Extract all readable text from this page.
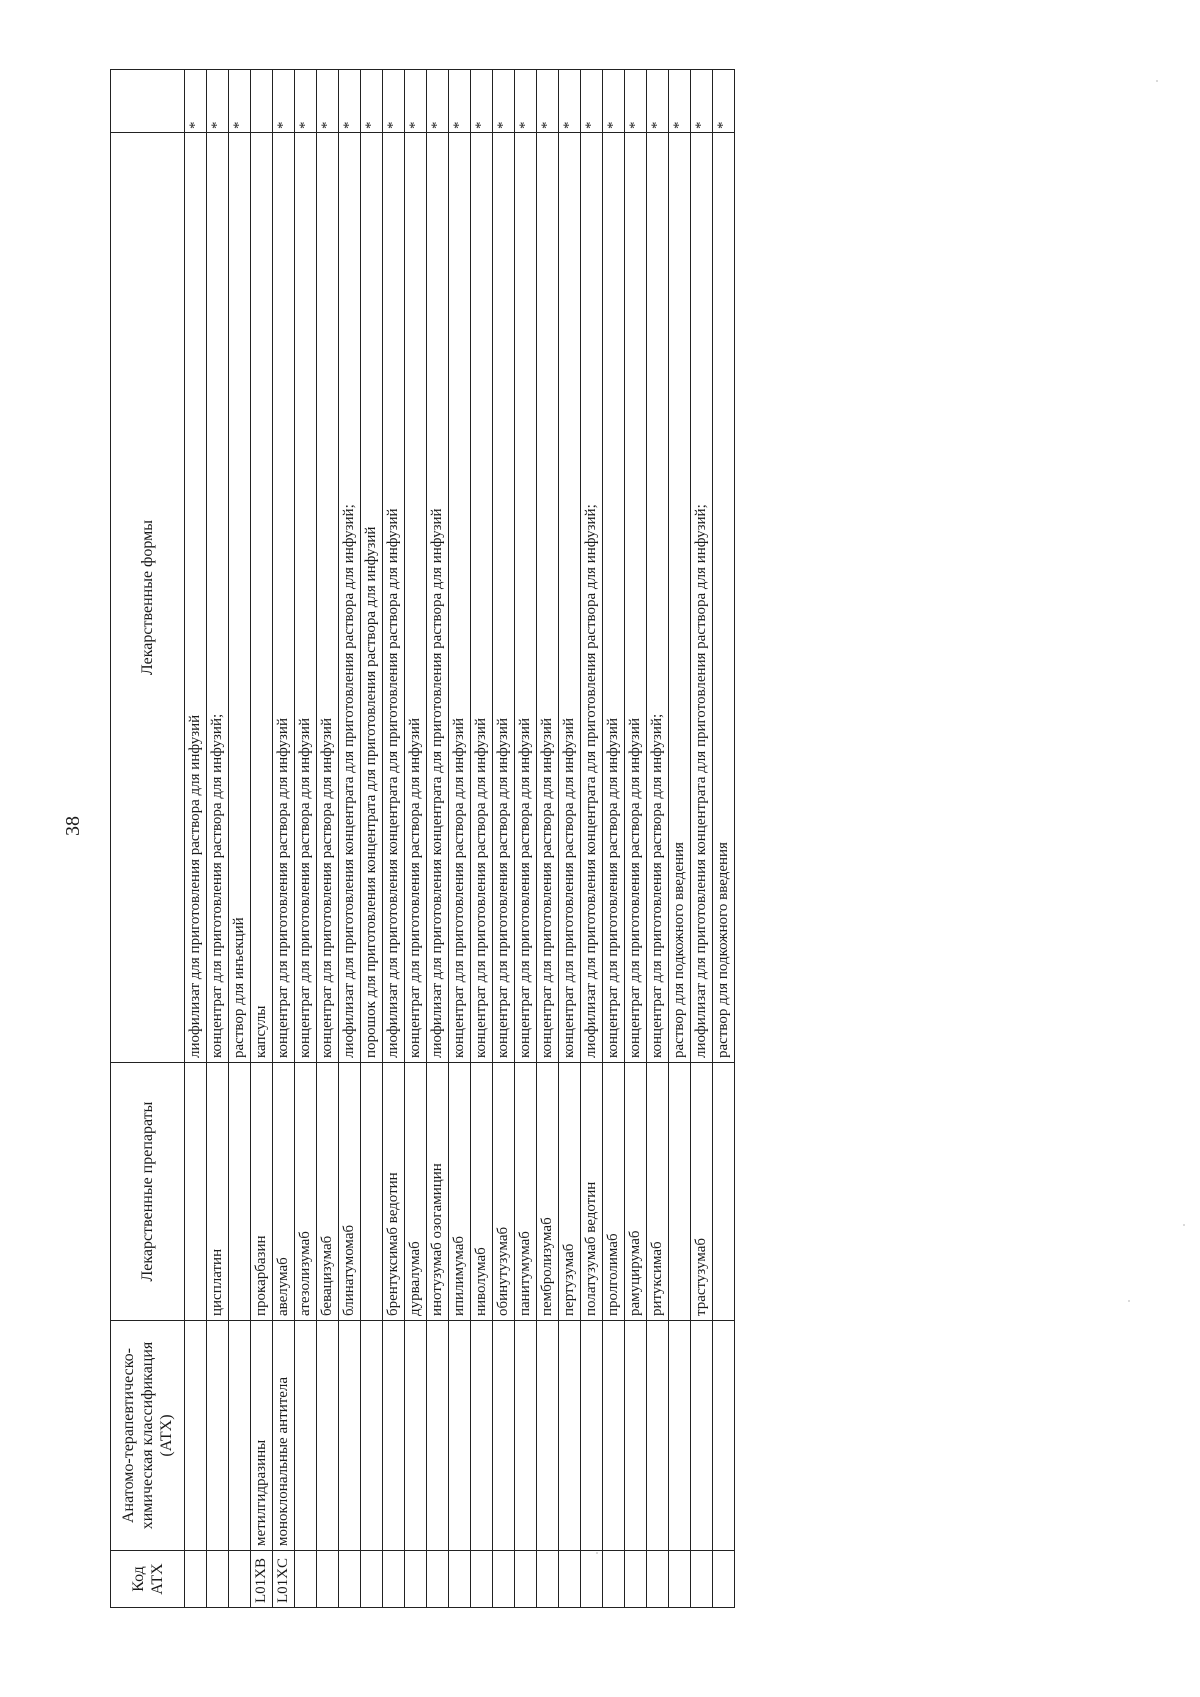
38
Код АТХ	Анатомо-терапевтическо-химическая классификация (АТХ)	Лекарственные препараты	Лекарственные формы	
			лиофилизат для приготовления раствора для инфузий	*
		цисплатин	концентрат для приготовления раствора для инфузий;	*
			раствор для инъекций	*
L01XB	метилгидразины	прокарбазин	капсулы	
L01XC	моноклональные антитела	авелумаб	концентрат для приготовления раствора для инфузий	*
		атезолизумаб	концентрат для приготовления раствора для инфузий	*
		бевацизумаб	концентрат для приготовления раствора для инфузий	*
		блинатумомаб	лиофилизат для приготовления концентрата для приготовления раствора для инфузий;	*
			порошок для приготовления концентрата для приготовления раствора для инфузий	*
		брентуксимаб ведотин	лиофилизат для приготовления концентрата для приготовления раствора для инфузий	*
		дурвалумаб	концентрат для приготовления раствора для инфузий	*
		инотузумаб озогамицин	лиофилизат для приготовления концентрата для приготовления раствора для инфузий	*
		ипилимумаб	концентрат для приготовления раствора для инфузий	*
		ниволумаб	концентрат для приготовления раствора для инфузий	*
		обинутузумаб	концентрат для приготовления раствора для инфузий	*
		панитумумаб	концентрат для приготовления раствора для инфузий	*
		пембролизумаб	концентрат для приготовления раствора для инфузий	*
		пертузумаб	концентрат для приготовления раствора для инфузий	*
		полатузумаб ведотин	лиофилизат для приготовления концентрата для приготовления раствора для инфузий;	*
		пролголимаб	концентрат для приготовления раствора для инфузий	*
		рамуцирумаб	концентрат для приготовления раствора для инфузий	*
		ритуксимаб	концентрат для приготовления раствора для инфузий;	*
			раствор для подкожного введения	*
		трастузумаб	лиофилизат для приготовления концентрата для приготовления раствора для инфузий;	*
			раствор для подкожного введения	*
